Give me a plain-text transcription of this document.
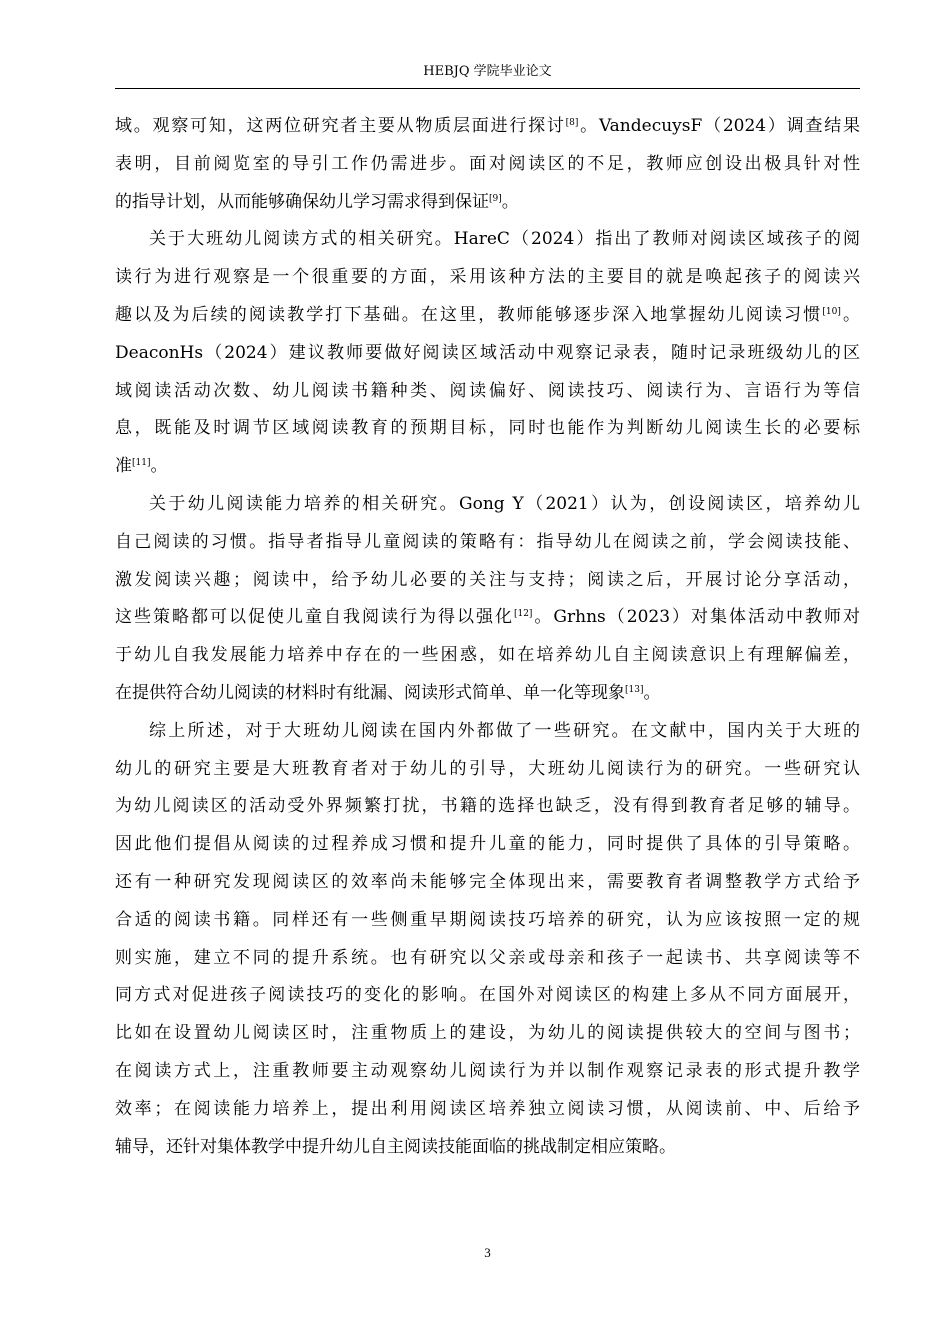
HEBJQ 学院毕业论文
域。观察可知，这两位研究者主要从物质层面进行探讨[8]。VandecuysF（2024）调查结果
表明，目前阅览室的导引工作仍需进步。面对阅读区的不足，教师应创设出极具针对性
的指导计划，从而能够确保幼儿学习需求得到保证[9]。
关于大班幼儿阅读方式的相关研究。HareC（2024）指出了教师对阅读区域孩子的阅
读行为进行观察是一个很重要的方面，采用该种方法的主要目的就是唤起孩子的阅读兴
趣以及为后续的阅读教学打下基础。在这里，教师能够逐步深入地掌握幼儿阅读习惯[10]。
DeaconHs（2024）建议教师要做好阅读区域活动中观察记录表，随时记录班级幼儿的区
域阅读活动次数、幼儿阅读书籍种类、阅读偏好、阅读技巧、阅读行为、言语行为等信
息，既能及时调节区域阅读教育的预期目标，同时也能作为判断幼儿阅读生长的必要标
准[11]。
关于幼儿阅读能力培养的相关研究。Gong Y（2021）认为，创设阅读区，培养幼儿
自己阅读的习惯。指导者指导儿童阅读的策略有：指导幼儿在阅读之前，学会阅读技能、
激发阅读兴趣；阅读中，给予幼儿必要的关注与支持；阅读之后，开展讨论分享活动，
这些策略都可以促使儿童自我阅读行为得以强化[12]。Grhns（2023）对集体活动中教师对
于幼儿自我发展能力培养中存在的一些困惑，如在培养幼儿自主阅读意识上有理解偏差，
在提供符合幼儿阅读的材料时有纰漏、阅读形式简单、单一化等现象[13]。
综上所述，对于大班幼儿阅读在国内外都做了一些研究。在文献中，国内关于大班的
幼儿的研究主要是大班教育者对于幼儿的引导，大班幼儿阅读行为的研究。一些研究认
为幼儿阅读区的活动受外界频繁打扰，书籍的选择也缺乏，没有得到教育者足够的辅导。
因此他们提倡从阅读的过程养成习惯和提升儿童的能力，同时提供了具体的引导策略。
还有一种研究发现阅读区的效率尚未能够完全体现出来，需要教育者调整教学方式给予
合适的阅读书籍。同样还有一些侧重早期阅读技巧培养的研究，认为应该按照一定的规
则实施，建立不同的提升系统。也有研究以父亲或母亲和孩子一起读书、共享阅读等不
同方式对促进孩子阅读技巧的变化的影响。在国外对阅读区的构建上多从不同方面展开，
比如在设置幼儿阅读区时，注重物质上的建设，为幼儿的阅读提供较大的空间与图书；
在阅读方式上，注重教师要主动观察幼儿阅读行为并以制作观察记录表的形式提升教学
效率；在阅读能力培养上，提出利用阅读区培养独立阅读习惯，从阅读前、中、后给予
辅导，还针对集体教学中提升幼儿自主阅读技能面临的挑战制定相应策略。
3
